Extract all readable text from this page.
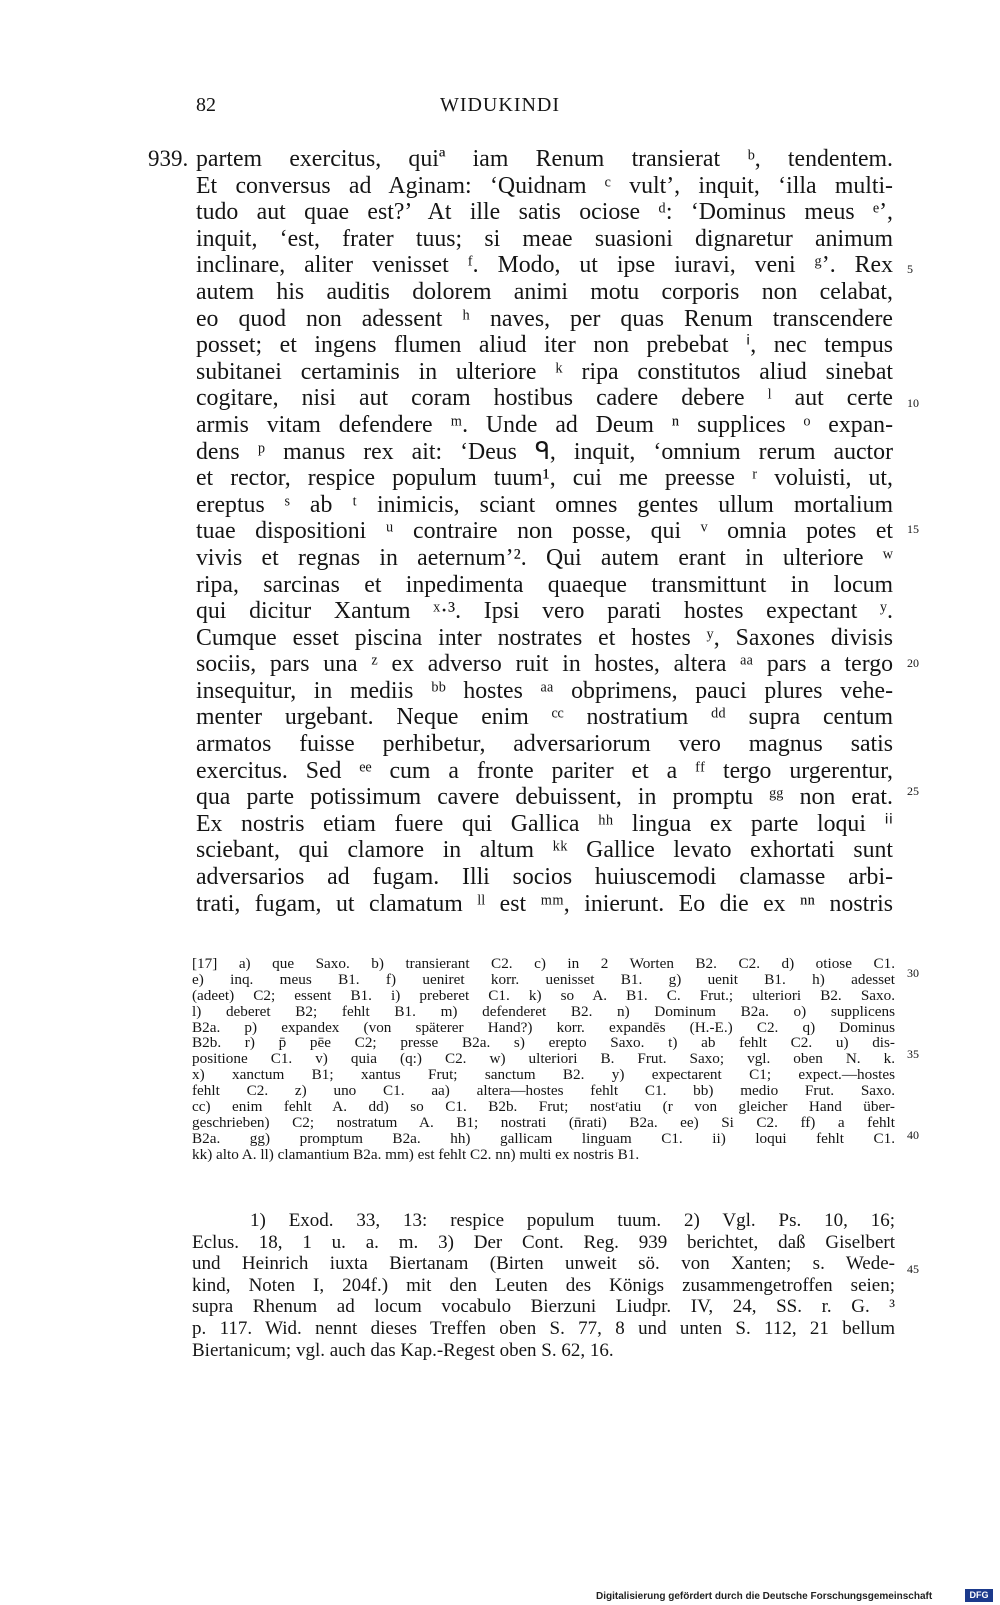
82	WIDUKINDI
939. partem exercitus, quiª iam Renum transierat ᵇ, tendentem.
Et conversus ad Aginam: ‘Quidnam ᶜ vult’, inquit, ‘illa multi-
tudo aut quae est?’ At ille satis ociose ᵈ: ‘Dominus meus ᵉ’,
inquit, ‘est, frater tuus; si meae suasioni dignaretur animum
inclinare, aliter venisset ᶠ. Modo, ut ipse iuravi, veni ᵍ’. Rex
autem his auditis dolorem animi motu corporis non celabat,
eo quod non adessent ʰ naves, per quas Renum transcendere
posset; et ingens flumen aliud iter non prebebat ⁱ, nec tempus
subitanei certaminis in ulteriore ᵏ ripa constitutos aliud sinebat
cogitare, nisi aut coram hostibus cadere debere ˡ aut certe
armis vitam defendere ᵐ. Unde ad Deum ⁿ supplices ᵒ expan-
dens ᵖ manus rex ait: ‘Deus ᑫ, inquit, ‘omnium rerum auctor
et rector, respice populum tuum¹, cui me preesse ʳ voluisti, ut,
ereptus ˢ ab ᵗ inimicis, sciant omnes gentes ullum mortalium
tuae dispositioni ᵘ contraire non posse, qui ᵛ omnia potes et
vivis et regnas in aeternum’². Qui autem erant in ulteriore ʷ
ripa, sarcinas et inpedimenta quaeque transmittunt in locum
qui dicitur Xantum ˣ·³. Ipsi vero parati hostes expectant ʸ.
Cumque esset piscina inter nostrates et hostes ʸ, Saxones divisis
sociis, pars una ᶻ ex adverso ruit in hostes, altera ᵃᵃ pars a tergo
insequitur, in mediis ᵇᵇ hostes ᵃᵃ obprimens, pauci plures vehe-
menter urgebant. Neque enim ᶜᶜ nostratium ᵈᵈ supra centum
armatos fuisse perhibetur, adversariorum vero magnus satis
exercitus. Sed ᵉᵉ cum a fronte pariter et a ᶠᶠ tergo urgerentur,
qua parte potissimum cavere debuissent, in promptu ᵍᵍ non erat.
Ex nostris etiam fuere qui Gallica ʰʰ lingua ex parte loqui ⁱⁱ
sciebant, qui clamore in altum ᵏᵏ Gallice levato exhortati sunt
adversarios ad fugam. Illi socios huiuscemodi clamasse arbi-
trati, fugam, ut clamatum ˡˡ est ᵐᵐ, inierunt. Eo die ex ⁿⁿ nostris
5
10
15
20
25
[17] a) que Saxo. b) transierant C2. c) in 2 Worten B2. C2. d) otiose C1.
e) inq. meus B1. f) ueniret korr. uenisset B1. g) uenit B1. h) adesset
(adeet) C2; essent B1. i) preberet C1. k) so A. B1. C. Frut.; ulteriori B2. Saxo.
l) deberet B2; fehlt B1. m) defenderet B2. n) Dominum B2a. o) supplicens
B2a. p) expandex (von späterer Hand?) korr. expandēs (H.-E.) C2. q) Dominus
B2b. r) p̄ pēe C2; presse B2a. s) erepto Saxo. t) ab fehlt C2. u) dis-
positione C1. v) quia (q:) C2. w) ulteriori B. Frut. Saxo; vgl. oben N. k.
x) xanctum B1; xantus Frut; sanctum B2. y) expectarent C1; expect.—hostes
fehlt C2. z) uno C1. aa) altera—hostes fehlt C1. bb) medio Frut. Saxo.
cc) enim fehlt A. dd) so C1. B2b. Frut; nostʳatiu (r von gleicher Hand über-
geschrieben) C2; nostratum A. B1; nostrati (n̄rati) B2a. ee) Si C2. ff) a fehlt
B2a. gg) promptum B2a. hh) gallicam linguam C1. ii) loqui fehlt C1.
kk) alto A. ll) clamantium B2a. mm) est fehlt C2. nn) multi ex nostris B1.
30
35
40
1) Exod. 33, 13: respice populum tuum. 2) Vgl. Ps. 10, 16;
Eclus. 18, 1 u. a. m. 3) Der Cont. Reg. 939 berichtet, daß Giselbert
und Heinrich iuxta Biertanam (Birten unweit sö. von Xanten; s. Wede-
kind, Noten I, 204f.) mit den Leuten des Königs zusammengetroffen seien;
supra Rhenum ad locum vocabulo Bierzuni Liudpr. IV, 24, SS. r. G. ³
p. 117. Wid. nennt dieses Treffen oben S. 77, 8 und unten S. 112, 21 bellum
Biertanicum; vgl. auch das Kap.-Regest oben S. 62, 16.
45
Digitalisierung gefördert durch die Deutsche Forschungsgemeinschaft	DFG
